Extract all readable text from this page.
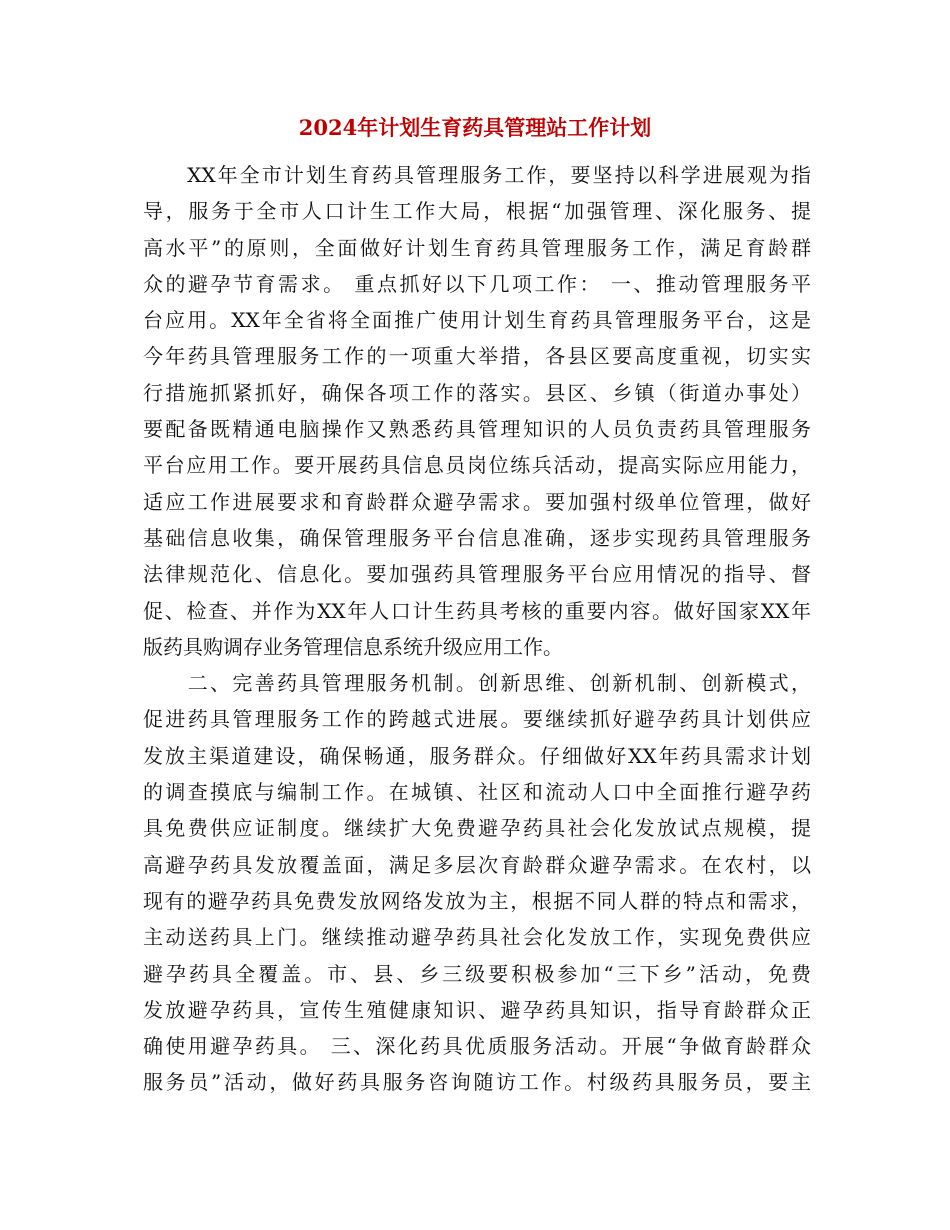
2024年计划生育药具管理站工作计划
　　XX年全市计划生育药具管理服务工作，要坚持以科学进展观为指
导，服务于全市人口计生工作大局，根据“加强管理、深化服务、提
高水平”的原则，全面做好计划生育药具管理服务工作，满足育龄群
众的避孕节育需求。 重点抓好以下几项工作： 一、推动管理服务平
台应用。XX年全省将全面推广使用计划生育药具管理服务平台，这是
今年药具管理服务工作的一项重大举措，各县区要高度重视，切实实
行措施抓紧抓好，确保各项工作的落实。县区、乡镇（街道办事处）
要配备既精通电脑操作又熟悉药具管理知识的人员负责药具管理服务
平台应用工作。要开展药具信息员岗位练兵活动，提高实际应用能力，
适应工作进展要求和育龄群众避孕需求。要加强村级单位管理，做好
基础信息收集，确保管理服务平台信息准确，逐步实现药具管理服务
法律规范化、信息化。要加强药具管理服务平台应用情况的指导、督
促、检查、并作为XX年人口计生药具考核的重要内容。做好国家XX年
版药具购调存业务管理信息系统升级应用工作。
　　二、完善药具管理服务机制。创新思维、创新机制、创新模式，
促进药具管理服务工作的跨越式进展。要继续抓好避孕药具计划供应
发放主渠道建设，确保畅通，服务群众。仔细做好XX年药具需求计划
的调查摸底与编制工作。在城镇、社区和流动人口中全面推行避孕药
具免费供应证制度。继续扩大免费避孕药具社会化发放试点规模，提
高避孕药具发放覆盖面，满足多层次育龄群众避孕需求。在农村，以
现有的避孕药具免费发放网络发放为主，根据不同人群的特点和需求，
主动送药具上门。继续推动避孕药具社会化发放工作，实现免费供应
避孕药具全覆盖。市、县、乡三级要积极参加“三下乡”活动，免费
发放避孕药具，宣传生殖健康知识、避孕药具知识，指导育龄群众正
确使用避孕药具。 三、深化药具优质服务活动。开展“争做育龄群众
服务员”活动，做好药具服务咨询随访工作。村级药具服务员，要主
